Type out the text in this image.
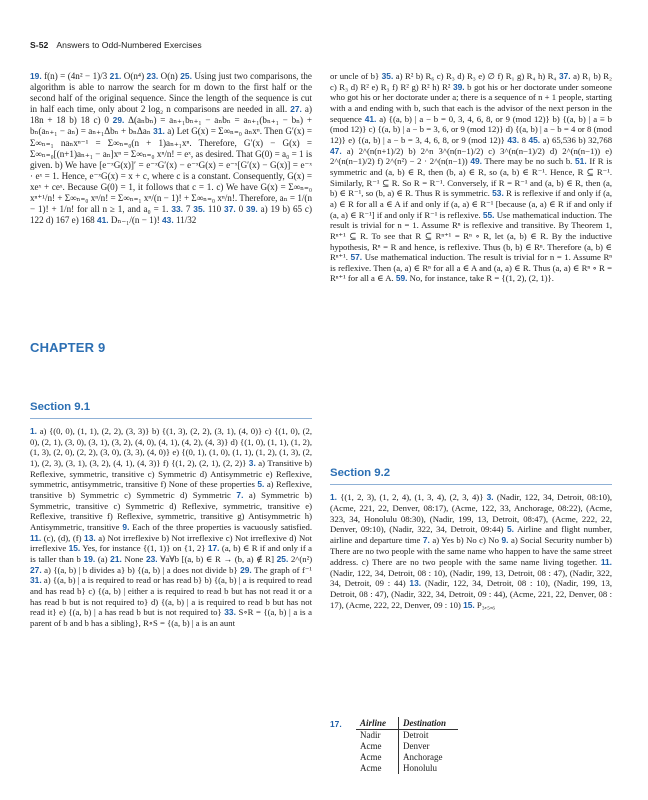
S-52 Answers to Odd-Numbered Exercises

19. f(n) = (4n² − 1)/3 21. O(n⁴) 23. O(n) 25. Using just two comparisons, the algorithm is able to narrow the search for m down to the first half or the second half of the original sequence. Since the length of the sequence is cut in half each time, only about 2 log₂ n comparisons are needed in all. 27. a) 18n + 18 b) 18 c) 0 29. Δ(aₙbₙ) = aₙ₊₁bₙ₊₁ − aₙbₙ = aₙ₊₁(bₙ₊₁ − bₙ) + bₙ(aₙ₊₁ − aₙ) = aₙ₊₁Δbₙ + bₙΔaₙ 31. a) Let G(x) = Σ∞ₙ₌₀ aₙxⁿ. Then G′(x) = Σ∞ₙ₌₁ naₙxⁿ⁻¹ = Σ∞ₙ₌₀(n + 1)aₙ₊₁xⁿ. Therefore, G′(x) − G(x) = Σ∞ₙ₌₀[(n+1)aₙ₊₁ − aₙ]xⁿ = Σ∞ₙ₌₀ xⁿ/n! = eˣ, as desired. That G(0) = a₀ = 1 is given. b) We have [e⁻ˣG(x)]′ = e⁻ˣG′(x) − e⁻ˣG(x) = e⁻ˣ[G′(x) − G(x)] = e⁻ˣ · eˣ = 1. Hence, e⁻ˣG(x) = x + c, where c is a constant. Consequently, G(x) = xeˣ + ceˣ. Because G(0) = 1, it follows that c = 1. c) We have G(x) = Σ∞ₙ₌₀ xⁿ⁺¹/n! + Σ∞ₙ₌₀ xⁿ/n! = Σ∞ₙ₌₁ xⁿ/(n − 1)! + Σ∞ₙ₌₀ xⁿ/n!. Therefore, aₙ = 1/(n − 1)! + 1/n! for all n ≥ 1, and a₀ = 1. 33. 7 35. 110 37. 0 39. a) 19 b) 65 c) 122 d) 167 e) 168 41. Dₙ₋₁/(n − 1)! 43. 11/32

CHAPTER 9
Section 9.1

1. a) {(0, 0), (1, 1), (2, 2), (3, 3)} b) {(1, 3), (2, 2), (3, 1), (4, 0)} c) {(1, 0), (2, 0), (2, 1), (3, 0), (3, 1), (3, 2), (4, 0), (4, 1), (4, 2), (4, 3)} d) {(1, 0), (1, 1), (1, 2), (1, 3), (2, 0), (2, 2), (3, 0), (3, 3), (4, 0)} e) {(0, 1), (1, 0), (1, 1), (1, 2), (1, 3), (2, 1), (2, 3), (3, 1), (3, 2), (4, 1), (4, 3)} f) {(1, 2), (2, 1), (2, 2)} 3. a) Transitive b) Reflexive, symmetric, transitive c) Symmetric d) Antisymmetric e) Reflexive, symmetric, antisymmetric, transitive f) None of these properties 5. a) Reflexive, transitive b) Symmetric c) Symmetric d) Symmetric 7. a) Symmetric b) Symmetric, transitive c) Symmetric d) Reflexive, symmetric, transitive e) Reflexive, transitive f) Reflexive, symmetric, transitive g) Antisymmetric h) Antisymmetric, transitive 9. Each of the three properties is vacuously satisfied. 11. (c), (d), (f) 13. a) Not irreflexive b) Not irreflexive c) Not irreflexive d) Not irreflexive 15. Yes, for instance {(1, 1)} on {1, 2} 17. (a, b) ∈ R if and only if a is taller than b 19. (a) 21. None 23. ∀a∀b [(a, b) ∈ R → (b, a) ∉ R] 25. 2^(n²) 27. a) {(a, b) | b divides a} b) {(a, b) | a does not divide b} 29. The graph of f⁻¹ 31. a) {(a, b) | a is required to read or has read b} b) {(a, b) | a is required to read and has read b} c) {(a, b) | either a is required to read b but has not read it or a has read b but is not required to} d) {(a, b) | a is required to read b but has not read it} e) {(a, b) | a has read b but is not required to} 33. S∘R = {(a, b) | a is a parent of b and b has a sibling}, R∘S = {(a, b) | a is an aunt

or uncle of b} 35. a) R² b) R₆ c) R₃ d) R₃ e) ∅ f) R₁ g) R₄ h) R₄ 37. a) R₁ b) R₂ c) R₃ d) R² e) R₃ f) R² g) R² h) R² 39. b got his or her doctorate under someone who got his or her doctorate under a; there is a sequence of n + 1 people, starting with a and ending with b, such that each is the advisor of the next person in the sequence 41. a) {(a, b) | a − b = 0, 3, 4, 6, 8, or 9 (mod 12)} b) {(a, b) | a ≡ b (mod 12)} c) {(a, b) | a − b = 3, 6, or 9 (mod 12)} d) {(a, b) | a − b = 4 or 8 (mod 12)} e) {(a, b) | a − b = 3, 4, 6, 8, or 9 (mod 12)} 43. 8 45. a) 65,536 b) 32,768 47. a) 2^(n(n+1)/2) b) 2^n 3^(n(n−1)/2) c) 3^(n(n−1)/2) d) 2^(n(n−1)) e) 2^(n(n−1)/2) f) 2^(n²) − 2 · 2^(n(n−1)) 49. There may be no such b. 51. If R is symmetric and (a, b) ∈ R, then (b, a) ∈ R, so (a, b) ∈ R⁻¹. Hence, R ⊆ R⁻¹. Similarly, R⁻¹ ⊆ R. So R = R⁻¹. Conversely, if R = R⁻¹ and (a, b) ∈ R, then (a, b) ∈ R⁻¹, so (b, a) ∈ R. Thus R is symmetric. 53. R is reflexive if and only if (a, a) ∈ R for all a ∈ A if and only if (a, a) ∈ R⁻¹ [because (a, a) ∈ R if and only if (a, a) ∈ R⁻¹] if and only if R⁻¹ is reflexive. 55. Use mathematical induction. The result is trivial for n = 1. Assume Rⁿ is reflexive and transitive. By Theorem 1, Rⁿ⁺¹ ⊆ R. To see that R ⊆ Rⁿ⁺¹ = Rⁿ ∘ R, let (a, b) ∈ R. By the inductive hypothesis, Rⁿ = R and hence, is reflexive. Thus (b, b) ∈ Rⁿ. Therefore (a, b) ∈ Rⁿ⁺¹. 57. Use mathematical induction. The result is trivial for n = 1. Assume Rⁿ is reflexive. Then (a, a) ∈ Rⁿ for all a ∈ A and (a, a) ∈ R. Thus (a, a) ∈ Rⁿ ∘ R = Rⁿ⁺¹ for all a ∈ A. 59. No, for instance, take R = {(1, 2), (2, 1)}.

Section 9.2

1. {(1, 2, 3), (1, 2, 4), (1, 3, 4), (2, 3, 4)} 3. (Nadir, 122, 34, Detroit, 08:10), (Acme, 221, 22, Denver, 08:17), (Acme, 122, 33, Anchorage, 08:22), (Acme, 323, 34, Honolulu 08:30), (Nadir, 199, 13, Detroit, 08:47), (Acme, 222, 22, Denver, 09:10), (Nadir, 322, 34, Detroit, 09:44) 5. Airline and flight number, airline and departure time 7. a) Yes b) No c) No 9. a) Social Security number b) There are no two people with the same name who happen to have the same street address. c) There are no two people with the same name living together. 11. (Nadir, 122, 34, Detroit, 08 : 10), (Nadir, 199, 13, Detroit, 08 : 47), (Nadir, 322, 34, Detroit, 09 : 44) 13. (Nadir, 122, 34, Detroit, 08 : 10), (Nadir, 199, 13, Detroit, 08 : 47), (Nadir, 322, 34, Detroit, 09 : 44), (Acme, 221, 22, Denver, 08 : 17), (Acme, 222, 22, Denver, 09 : 10) 15. P₃,₅,₆

17. Airline	Destination
Nadir	Detroit
Acme	Denver
Acme	Anchorage
Acme	Honolulu
